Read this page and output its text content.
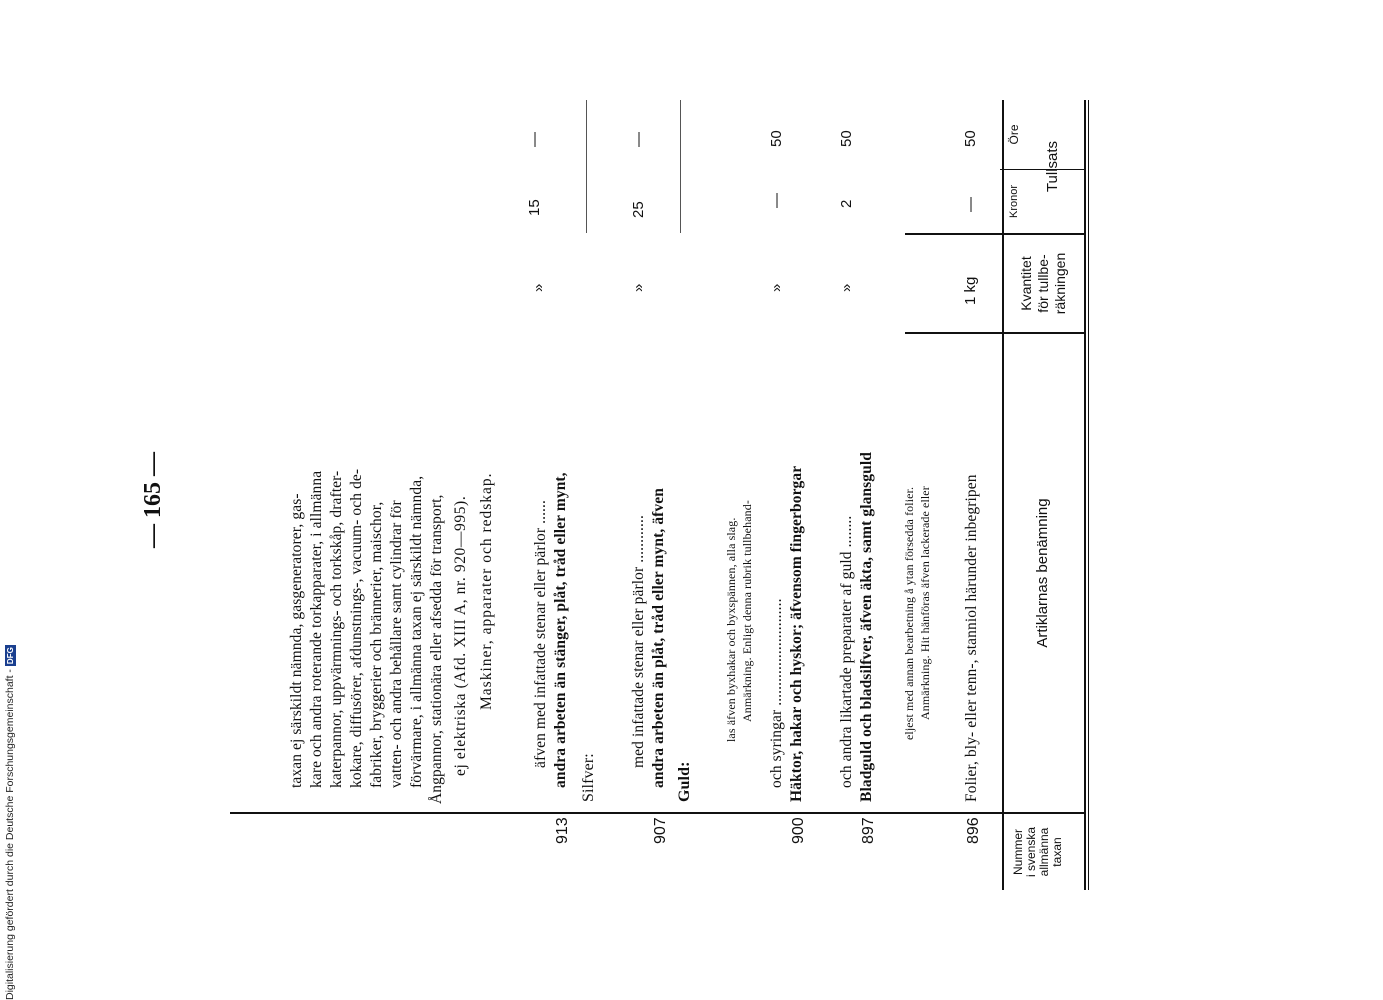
— 165 —
Nummer i svenska allmänna taxan
Artiklarnas benämning
Kvantitet för tullbe- räkningen
Tullsats
Kronor
Öre
896
Folier, bly- eller tenn-, stanniol härunder inbegripen
1 kg
—
50
Anmärkning. Hit hänföras äfven lackerade eller
eljest med annan bearbetning å ytan försedda folier.
897
Bladguld och bladsilfver, äfven äkta, samt glansguld
och andra likartade preparater af guld ........
»
2
50
900
Häktor, hakar och hyskor; äfvensom fingerborgar
och syringar ...........................
»
—
50
Anmärkning. Enligt denna rubrik tullbehand-
las äfven byxhakar och byxspännen, alla slag.
Guld:
907
andra arbeten än plåt, tråd eller mynt, äfven
med infattade stenar eller pärlor ............
»
25
—
Silfver:
913
andra arbeten än stänger, plåt, tråd eller mynt,
äfven med infattade stenar eller pärlor ......
»
15
—
Maskiner, apparater och redskap.
ej elektriska (Afd. XIII A, nr. 920—995).
Ångpannor, stationära eller afsedda för transport,
förvärmare, i allmänna taxan ej särskildt nämnda,
vatten- och andra behållare samt cylindrar för
fabriker, bryggerier och brännerier, maischor,
kokare, diffusörer, afdunstnings-, vacuum- och de-
katerpannor, uppvärmnings- och torkskåp, drafter-
kare och andra roterande torkapparater, i allmänna
taxan ej särskildt nämnda, gasgeneratorer, gas-
Digitalisierung gefördert durch die Deutsche Forschungsgemeinschaft -
DFG
